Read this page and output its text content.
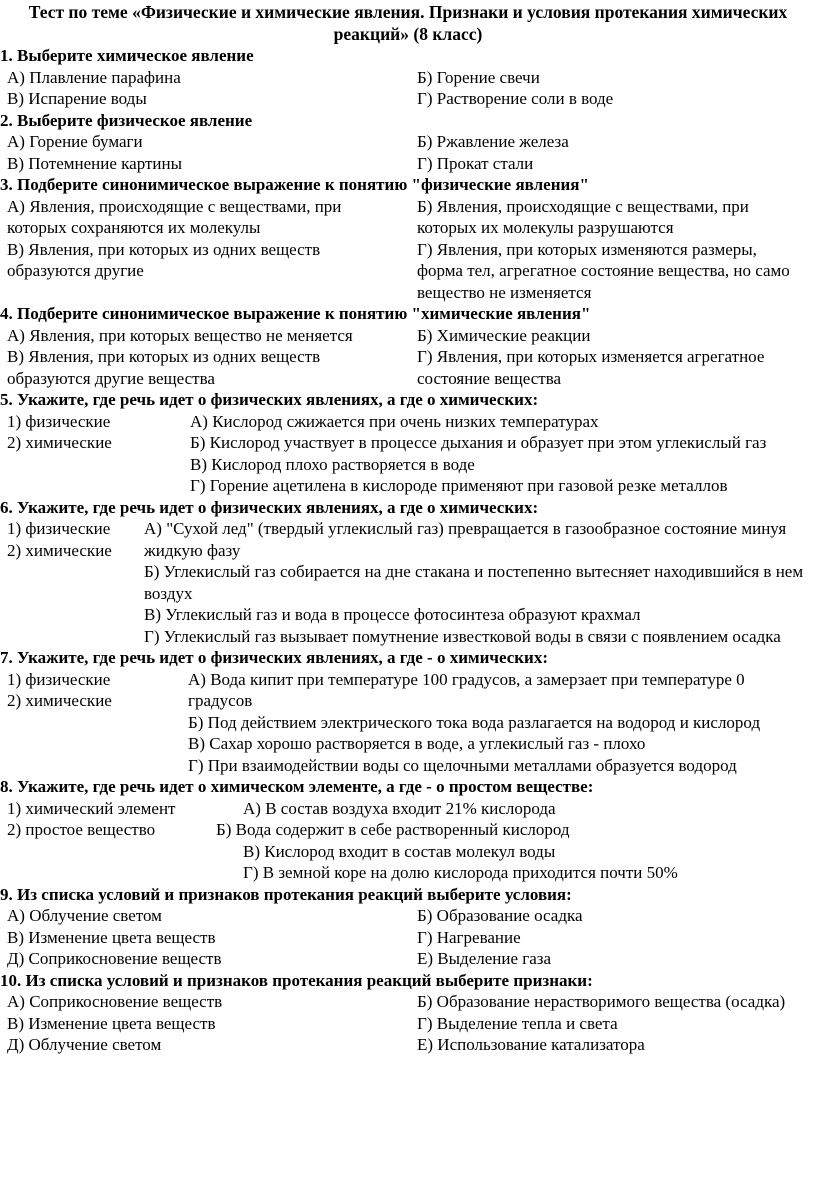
Тест по теме «Физические и химические явления. Признаки и условия протекания химических реакций» (8 класс)
1. Выберите химическое явление
А) Плавление парафина	Б) Горение свечи
В) Испарение воды	Г) Растворение соли в воде
2. Выберите физическое явление
А) Горение бумаги	Б) Ржавление железа
В) Потемнение картины	Г) Прокат стали
3. Подберите синонимическое выражение к понятию "физические явления"
А) Явления, происходящие с веществами, при которых сохраняются их молекулы
Б) Явления, происходящие с веществами, при которых их молекулы разрушаются
В) Явления, при которых из одних веществ образуются другие
Г) Явления, при которых изменяются размеры, форма тел, агрегатное состояние вещества, но само вещество не изменяется
4. Подберите синонимическое выражение к понятию "химические явления"
А) Явления, при которых вещество не меняется	Б) Химические реакции
В) Явления, при которых из одних веществ образуются другие вещества
Г) Явления, при которых изменяется агрегатное состояние вещества
5. Укажите, где речь идет о физических явлениях, а где о химических:
1) физические
2) химические
А) Кислород сжижается при очень низких температурах
Б) Кислород участвует в процессе дыхания и образует при этом углекислый газ
В) Кислород плохо растворяется в воде
Г) Горение ацетилена в кислороде применяют при газовой резке металлов
6. Укажите, где речь идет о физических явлениях, а где о химических:
1) физические
2) химические
А) "Сухой лед" (твердый углекислый газ) превращается в газообразное состояние минуя жидкую фазу
Б) Углекислый газ собирается на дне стакана и постепенно вытесняет находившийся в нем воздух
В) Углекислый газ и вода в процессе фотосинтеза образуют крахмал
Г) Углекислый газ вызывает помутнение известковой воды в связи с появлением осадка
7. Укажите, где речь идет о физических явлениях, а где - о химических:
1) физические
2) химические
А) Вода кипит при температуре 100 градусов, а замерзает при температуре 0 градусов
Б) Под действием электрического тока вода разлагается на водород и кислород
В) Сахар хорошо растворяется в воде, а углекислый газ - плохо
Г) При взаимодействии воды со щелочными металлами образуется водород
8. Укажите, где речь идет о химическом элементе, а где - о простом веществе:
1) химический элемент
2) простое вещество
А) В состав воздуха входит 21% кислорода
Б) Вода содержит в себе растворенный кислород
В) Кислород входит в состав молекул воды
Г) В земной коре на долю кислорода приходится почти 50%
9. Из списка условий и признаков протекания реакций выберите условия:
А) Облучение светом	Б) Образование осадка
В) Изменение цвета веществ	Г) Нагревание
Д) Соприкосновение веществ	Е) Выделение газа
10. Из списка условий и признаков протекания реакций выберите признаки:
А) Соприкосновение веществ	Б) Образование нерастворимого вещества (осадка)
В) Изменение цвета веществ	Г) Выделение тепла и света
Д) Облучение светом	Е) Использование катализатора
